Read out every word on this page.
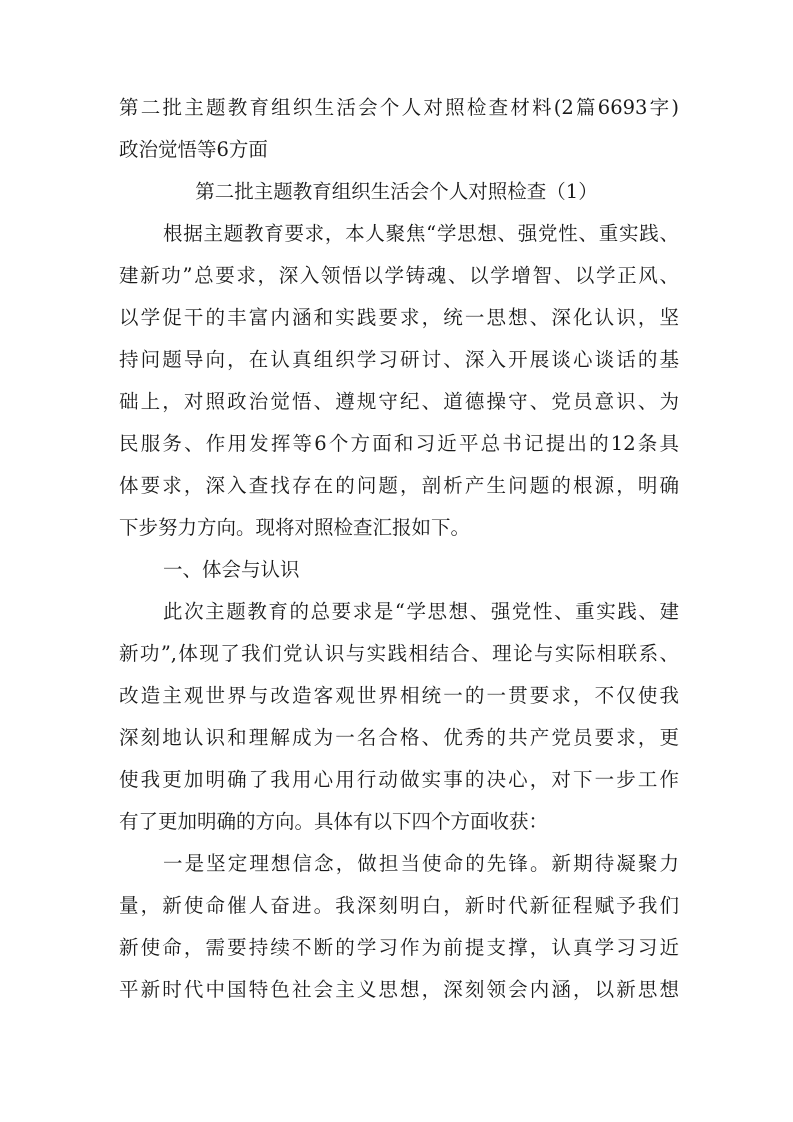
第二批主题教育组织生活会个人对照检查材料(2篇6693字)
政治觉悟等6方面
第二批主题教育组织生活会个人对照检查（1）
根据主题教育要求，本人聚焦“学思想、强党性、重实践、
建新功”总要求，深入领悟以学铸魂、以学增智、以学正风、
以学促干的丰富内涵和实践要求，统一思想、深化认识，坚
持问题导向，在认真组织学习研讨、深入开展谈心谈话的基
础上，对照政治觉悟、遵规守纪、道德操守、党员意识、为
民服务、作用发挥等6个方面和习近平总书记提出的12条具
体要求，深入查找存在的问题，剖析产生问题的根源，明确
下步努力方向。现将对照检查汇报如下。
一、体会与认识
此次主题教育的总要求是“学思想、强党性、重实践、建
新功”,体现了我们党认识与实践相结合、理论与实际相联系、
改造主观世界与改造客观世界相统一的一贯要求，不仅使我
深刻地认识和理解成为一名合格、优秀的共产党员要求，更
使我更加明确了我用心用行动做实事的决心，对下一步工作
有了更加明确的方向。具体有以下四个方面收获：
一是坚定理想信念，做担当使命的先锋。新期待凝聚力
量，新使命催人奋进。我深刻明白，新时代新征程赋予我们
新使命，需要持续不断的学习作为前提支撑，认真学习习近
平新时代中国特色社会主义思想，深刻领会内涵，以新思想
